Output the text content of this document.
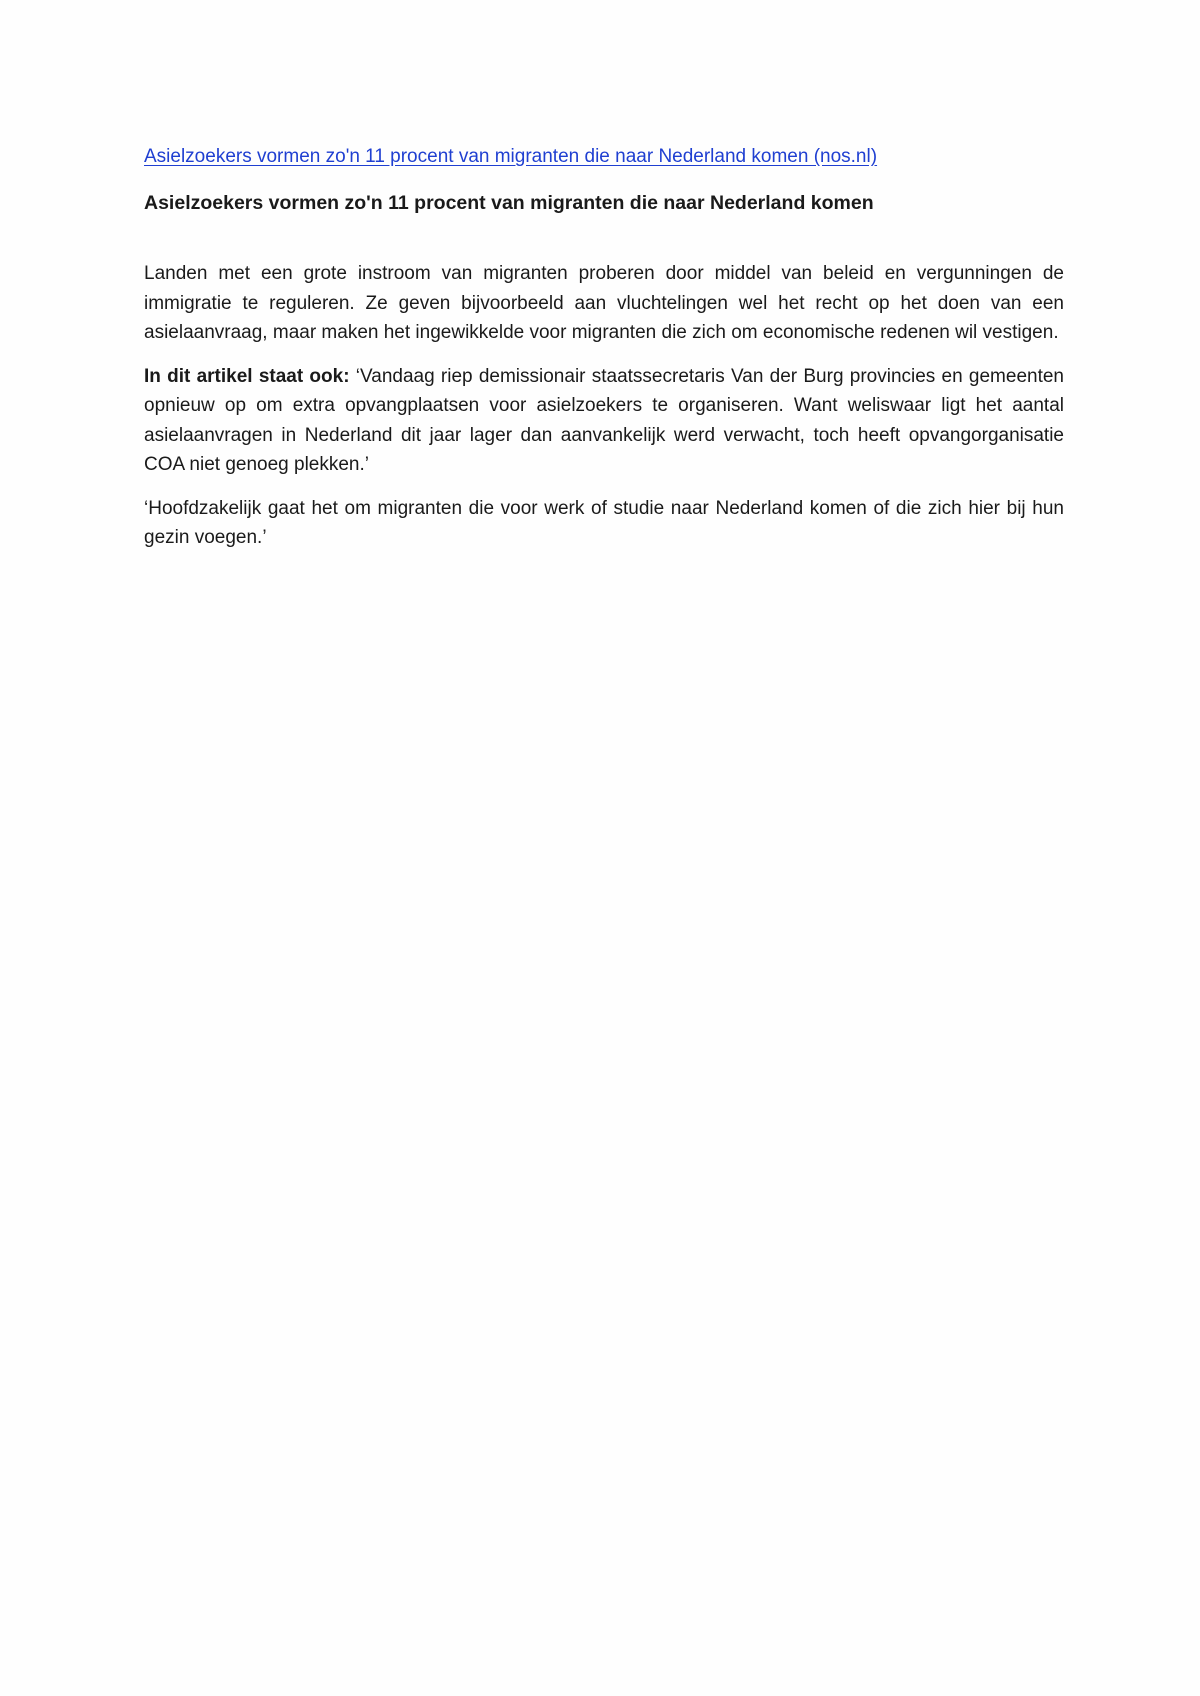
Asielzoekers vormen zo'n 11 procent van migranten die naar Nederland komen (nos.nl)
Asielzoekers vormen zo'n 11 procent van migranten die naar Nederland komen

Landen met een grote instroom van migranten proberen door middel van beleid en vergunningen de immigratie te reguleren. Ze geven bijvoorbeeld aan vluchtelingen wel het recht op het doen van een asielaanvraag, maar maken het ingewikkelde voor migranten die zich om economische redenen wil vestigen.

In dit artikel staat ook: ‘Vandaag riep demissionair staatssecretaris Van der Burg provincies en gemeenten opnieuw op om extra opvangplaatsen voor asielzoekers te organiseren. Want weliswaar ligt het aantal asielaanvragen in Nederland dit jaar lager dan aanvankelijk werd verwacht, toch heeft opvangorganisatie COA niet genoeg plekken.’

‘Hoofdzakelijk gaat het om migranten die voor werk of studie naar Nederland komen of die zich hier bij hun gezin voegen.’
